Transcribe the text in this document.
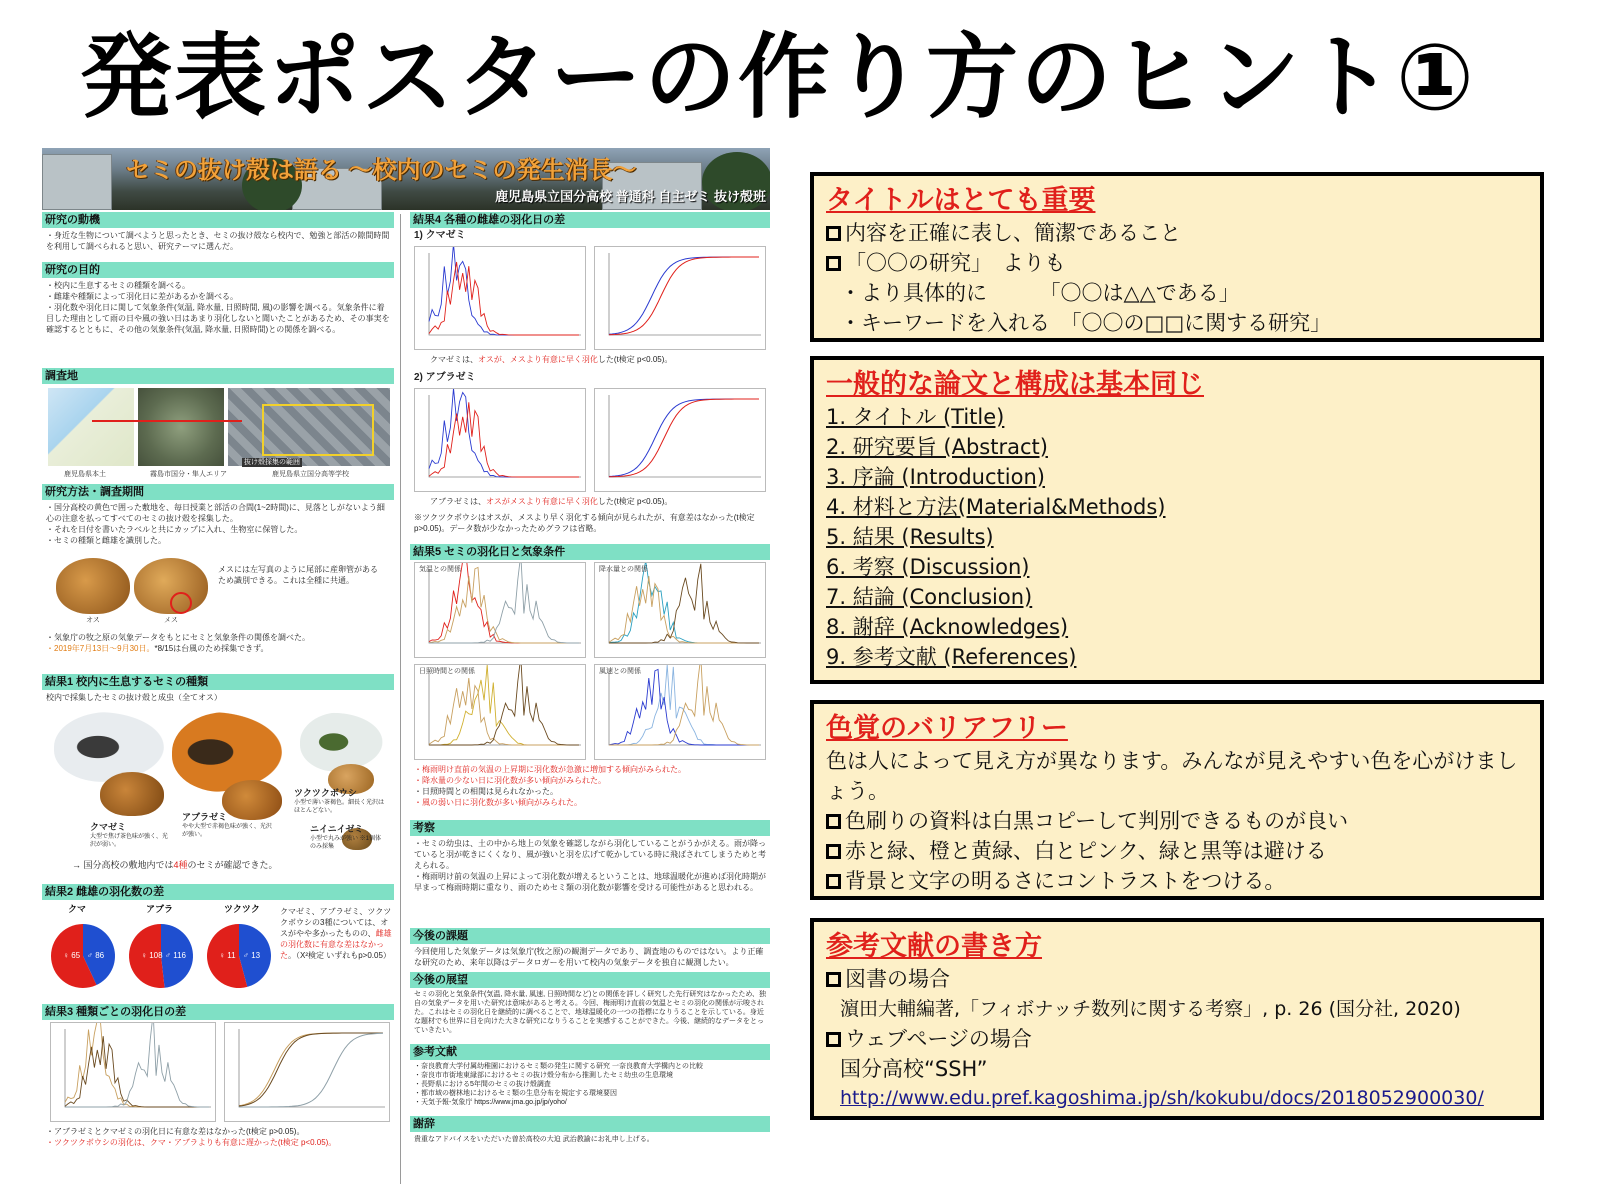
発表ポスターの作り方のヒント①
セミの抜け殻は語る ～校内のセミの発生消長～
鹿児島県立国分高校 普通科 自主ゼミ 抜け殻班
研究の動機

・身近な生物について調べようと思ったとき、セミの抜け殻なら校内で、勉強と部活の隙間時間を利用して調べられると思い、研究テーマに選んだ。

研究の目的

・校内に生息するセミの種類を調べる。

・雌雄や種類によって羽化日に差があるかを調べる。

・羽化数や羽化日に関して気象条件(気温, 降水量, 日照時間, 風)の影響を調べる。気象条件に着目した理由として雨の日や風の強い日はあまり羽化しないと聞いたことがあるため、その事実を確認するとともに、その他の気象条件(気温, 降水量, 日照時間)との関係を調べる。

調査地
抜け殻採集の範囲
鹿児島県本土	霧島市国分・隼人エリア	鹿児島県立国分高等学校
研究方法・調査期間

・国分高校の黄色で囲った敷地を、毎日授業と部活の合間(1~2時間)に、見落としがないよう細心の注意を払ってすべてのセミの抜け殻を採集した。

・それを日付を書いたラベルと共にカップに入れ、生物室に保管した。

・セミの種類と雌雄を識別した。

オス	メス
メスには左写真のように尾部に産卵管があるため識別できる。これは全種に共通。

・気象庁の牧之原の気象データをもとにセミと気象条件の関係を調べた。

・2019年7月13日～9月30日。*8/15は台風のため採集できず。

結果1 校内に生息するセミの種類
校内で採集したセミの抜け殻と成虫（全てオス）

クマゼミ

大型で焦げ茶色味が強く、光沢が弱い。

アブラゼミ

やや大型で赤褐色味が強く、光沢が強い。

ツクツクボウシ

小型で薄い茶褐色。細長く光沢はほとんどない。

ニイニイゼミ

小型で丸みが強い ※1個体のみ採集

→ 国分高校の敷地内では4種のセミが確認できた。
結果2 雌雄の羽化数の差
クマ
♀ 65 ♂ 86
アブラ
♀ 108 ♂ 116
ツクツク
♀ 11 ♂ 13
クマゼミ、アブラゼミ、ツクツクボウシの3種については、オスがやや多かったものの、雌雄の羽化数に有意な差はなかった。（X²検定 いずれもp>0.05）
結果3 種類ごとの羽化日の差

・アブラゼミとクマゼミの羽化日に有意な差はなかった(t検定 p>0.05)。

・ツクツクボウシの羽化は、クマ・アブラよりも有意に遅かった(t検定 p<0.05)。

結果4 各種の雌雄の羽化日の差
1) クマゼミ
クマゼミは、オスが、メスより有意に早く羽化した(t検定 p<0.05)。
2) アブラゼミ
アブラゼミは、オスがメスより有意に早く羽化した(t検定 p<0.05)。
※ツクツクボウシはオスが、メスより早く羽化する傾向が見られたが、有意差はなかった(t検定p>0.05)。データ数が少なかったためグラフは省略。
結果5 セミの羽化日と気象条件
気温との関係	降水量との関係
日照時間との関係	風速との関係

・梅雨明け直前の気温の上昇期に羽化数が急激に増加する傾向がみられた。

・降水量の少ない日に羽化数が多い傾向がみられた。

・日照時間との相関は見られなかった。

・風の弱い日に羽化数が多い傾向がみられた。

考察

・セミの幼虫は、土の中から地上の気象を確認しながら羽化していることがうかがえる。雨が降っていると羽が乾きにくくなり、風が強いと羽を広げて乾かしている時に飛ばされてしまうためと考えられる。

・梅雨明け前の気温の上昇によって羽化数が増えるということは、地球温暖化が進めば羽化時期が早まって梅雨時期に重なり、雨のためセミ類の羽化数が影響を受ける可能性があると思われる。

今後の課題
今回使用した気象データは気象庁(牧之原)の観測データであり、調査地のものではない。より正確な研究のため、来年以降はデータロガーを用いて校内の気象データを独自に観測したい。
今後の展望
セミの羽化と気象条件(気温, 降水量, 風速, 日照時間など)との関係を詳しく研究した先行研究はなかったため、独自の気象データを用いた研究は意味があると考える。今回、梅雨明け直前の気温とセミの羽化の関係が示唆された。これはセミの羽化日を継続的に調べることで、地球温暖化の一つの指標になりうることを示している。身近な題材でも世界に目を向けた大きな研究になりうることを実感することができた。今後、継続的なデータをとっていきたい。
参考文献

・奈良教育大学付属幼稚園におけるセミ類の発生に関する研究 一奈良教育大学構内との比較

・奈良市市街地東縁部におけるセミの抜け殻分布から推測したセミ幼虫の生息環境

・長野県における5年間のセミの抜け殻調査

・都市域の樹林地におけるセミ類の生息分布を規定する環境要因

・天気予報-気象庁 https://www.jma.go.jp/jp/yoho/

謝辞
貴重なアドバイスをいただいた曽於高校の大迫 武治教諭にお礼申し上げる。
タイトルはとても重要
内容を正確に表し、簡潔であること
「〇〇の研究」　よりも
・より具体的に　　　「〇〇は△△である」
・キーワードを入れる　「〇〇の□□に関する研究」
一般的な論文と構成は基本同じ
1. タイトル (Title)
2. 研究要旨 (Abstract)
3. 序論 (Introduction)
4. 材料と方法(Material&Methods)
5. 結果 (Results)
6. 考察 (Discussion)
7. 結論 (Conclusion)
8. 謝辞 (Acknowledges)
9. 参考文献 (References)
色覚のバリアフリー
色は人によって見え方が異なります。みんなが見えやすい色を心がけましょう。
色刷りの資料は白黒コピーして判別できるものが良い
赤と緑、橙と黄緑、白とピンク、緑と黒等は避ける
背景と文字の明るさにコントラストをつける。
参考文献の書き方
図書の場合
濵田大輔編著,「フィボナッチ数列に関する考察」, p. 26 (国分社, 2020)
ウェブページの場合
国分高校“SSH”
http://www.edu.pref.kagoshima.jp/sh/kokubu/docs/2018052900030/
